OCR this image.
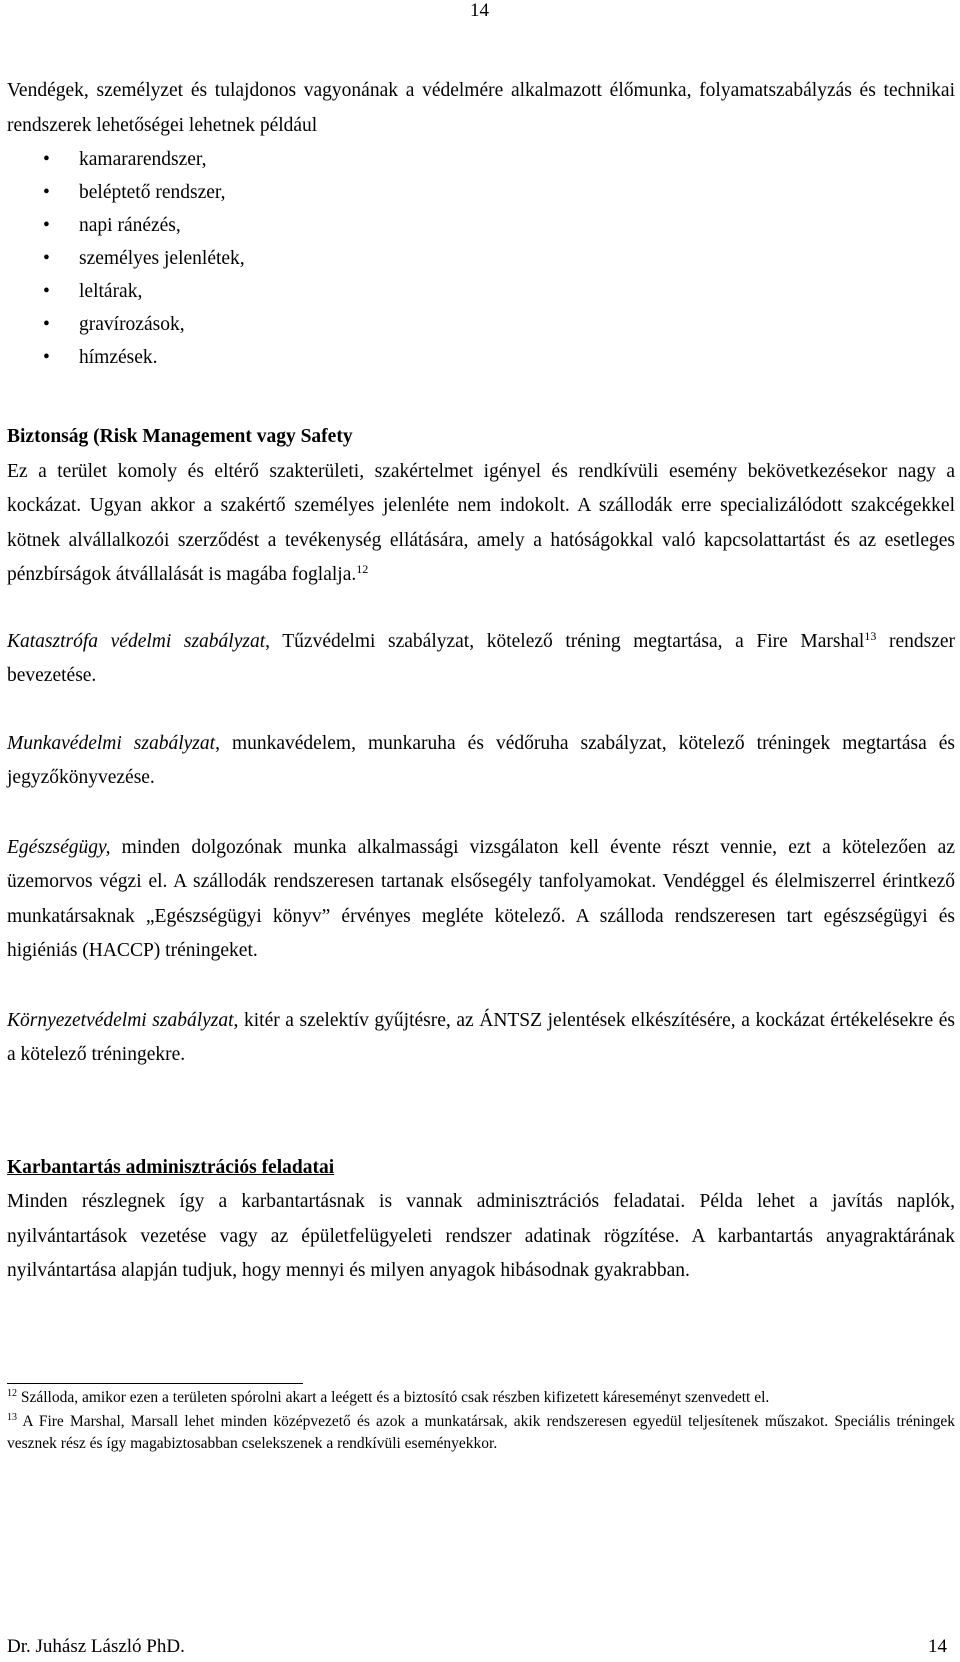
14

Vendégek, személyzet és tulajdonos vagyonának a védelmére alkalmazott élőmunka, folyamatszabályzás és technikai rendszerek lehetőségei lehetnek például

• kamararendszer,
• beléptető rendszer,
• napi ránézés,
• személyes jelenlétek,
• leltárak,
• gravírozások,
• hímzések.
Biztonság (Risk Management vagy Safety

Ez a terület komoly és eltérő szakterületi, szakértelmet igényel és rendkívüli esemény bekövetkezésekor nagy a kockázat. Ugyan akkor a szakértő személyes jelenléte nem indokolt. A szállodák erre specializálódott szakcégekkel kötnek alvállalkozói szerződést a tevékenység ellátására, amely a hatóságokkal való kapcsolattartást és az esetleges pénzbírságok átvállalását is magába foglalja.$^{12}$

Katasztrófa védelmi szabályzat, Tűzvédelmi szabályzat, kötelező tréning megtartása, a Fire Marshal$^{13}$ rendszer bevezetése.

Munkavédelmi szabályzat, munkavédelem, munkaruha és védőruha szabályzat, kötelező tréningek megtartása és jegyzőkönyvezése.

Egészségügy, minden dolgozónak munka alkalmassági vizsgálaton kell évente részt vennie, ezt a kötelezően az üzemorvos végzi el. A szállodák rendszeresen tartanak elsősegély tanfolyamokat. Vendéggel és élelmiszerrel érintkező munkatársaknak „Egészségügyi könyv” érvényes megléte kötelező. A szálloda rendszeresen tart egészségügyi és higiéniás (HACCP) tréningeket.

Környezetvédelmi szabályzat, kitér a szelektív gyűjtésre, az ÁNTSZ jelentések elkészítésére, a kockázat értékelésekre és a kötelező tréningekre.

Karbantartás adminisztrációs feladatai

Minden részlegnek így a karbantartásnak is vannak adminisztrációs feladatai. Példa lehet a javítás naplók, nyilvántartások vezetése vagy az épületfelügyeleti rendszer adatinak rögzítése. A karbantartás anyagraktárának nyilvántartása alapján tudjuk, hogy mennyi és milyen anyagok hibásodnak gyakrabban.

$^{12}$ Szálloda, amikor ezen a területen spórolni akart a leégett és a biztosító csak részben kifizetett káreseményt szenvedett el.

$^{13}$ A Fire Marshal, Marsall lehet minden középvezető és azok a munkatársak, akik rendszeresen egyedül teljesítenek műszakot. Speciális tréningek vesznek rész és így magabiztosabban cselekszenek a rendkívüli eseményekkor.

Dr. Juhász László PhD.	14
